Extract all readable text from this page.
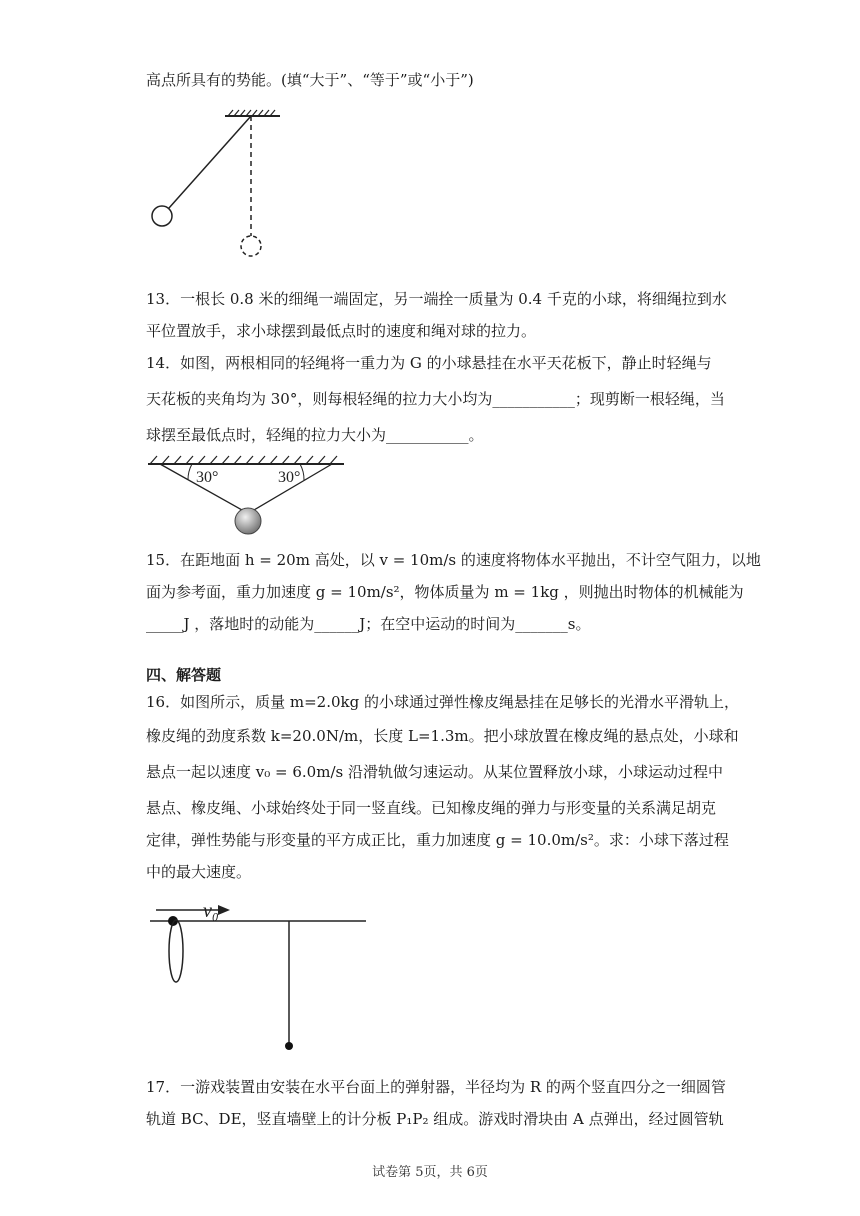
高点所具有的势能。(填“大于”、“等于”或“小于”)
13．一根长 0.8 米的细绳一端固定，另一端拴一质量为 0.4 千克的小球，将细绳拉到水
平位置放手，求小球摆到最低点时的速度和绳对球的拉力。
14．如图，两根相同的轻绳将一重力为 G 的小球悬挂在水平天花板下，静止时轻绳与
天花板的夹角均为 30°，则每根轻绳的拉力大小均为___________；现剪断一根轻绳，当
球摆至最低点时，轻绳的拉力大小为___________。
30°	30°
15．在距地面 h = 20m 高处，以 v = 10m/s 的速度将物体水平抛出，不计空气阻力，以地
面为参考面，重力加速度 g = 10m/s²，物体质量为 m = 1kg ，则抛出时物体的机械能为
_____J ，落地时的动能为______J；在空中运动的时间为_______s。
四、解答题
16．如图所示，质量 m=2.0kg 的小球通过弹性橡皮绳悬挂在足够长的光滑水平滑轨上，
橡皮绳的劲度系数 k=20.0N/m，长度 L=1.3m。把小球放置在橡皮绳的悬点处，小球和
悬点一起以速度 v₀ = 6.0m/s 沿滑轨做匀速运动。从某位置释放小球，小球运动过程中
悬点、橡皮绳、小球始终处于同一竖直线。已知橡皮绳的弹力与形变量的关系满足胡克
定律，弹性势能与形变量的平方成正比，重力加速度 g = 10.0m/s²。求：小球下落过程
中的最大速度。
v₀
17．一游戏装置由安装在水平台面上的弹射器，半径均为 R 的两个竖直四分之一细圆管
轨道 BC、DE，竖直墙壁上的计分板 P₁P₂ 组成。游戏时滑块由 A 点弹出，经过圆管轨
试卷第 5页，共 6页
